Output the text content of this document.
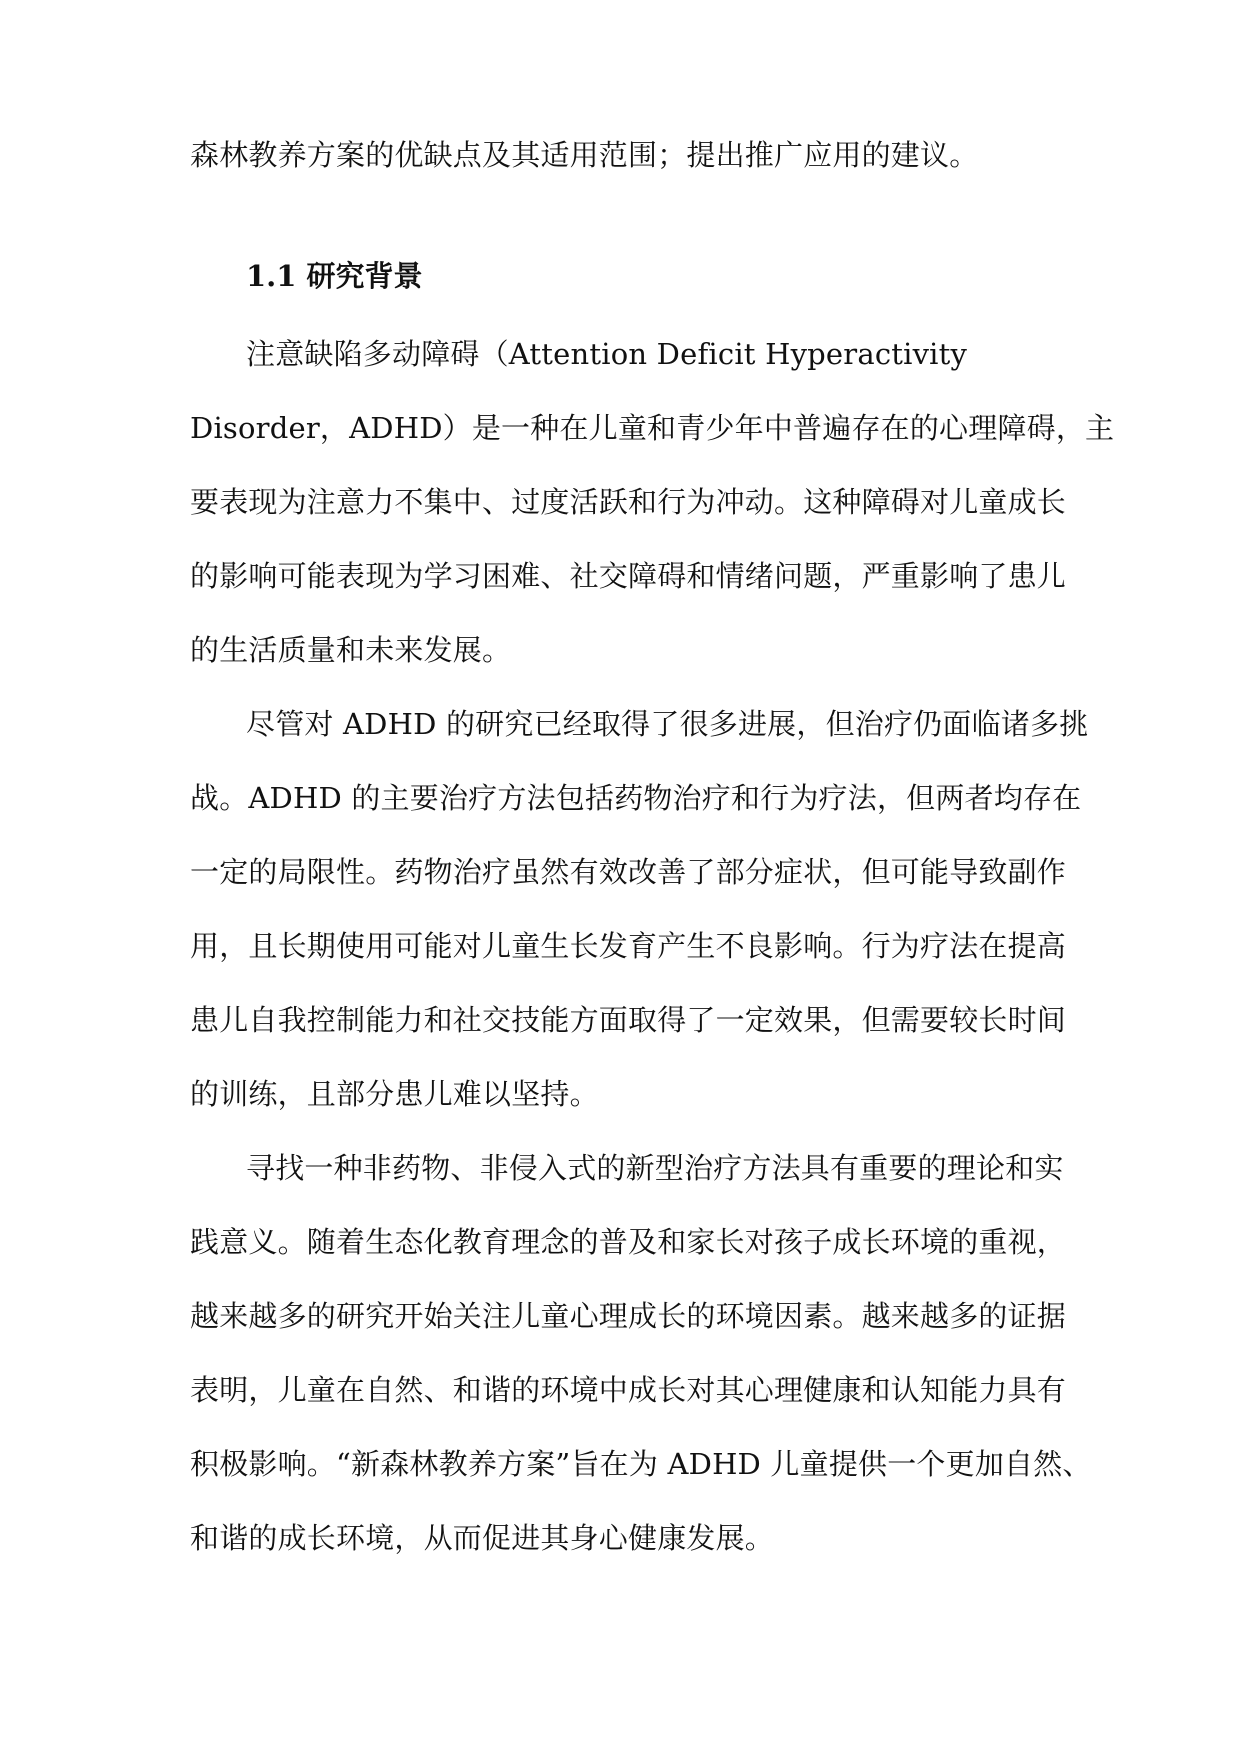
森林教养方案的优缺点及其适用范围；提出推广应用的建议。
1.1 研究背景
注意缺陷多动障碍（Attention Deficit Hyperactivity
Disorder，ADHD）是一种在儿童和青少年中普遍存在的心理障碍，主
要表现为注意力不集中、过度活跃和行为冲动。这种障碍对儿童成长
的影响可能表现为学习困难、社交障碍和情绪问题，严重影响了患儿
的生活质量和未来发展。
尽管对 ADHD 的研究已经取得了很多进展，但治疗仍面临诸多挑
战。ADHD 的主要治疗方法包括药物治疗和行为疗法，但两者均存在
一定的局限性。药物治疗虽然有效改善了部分症状，但可能导致副作
用，且长期使用可能对儿童生长发育产生不良影响。行为疗法在提高
患儿自我控制能力和社交技能方面取得了一定效果，但需要较长时间
的训练，且部分患儿难以坚持。
寻找一种非药物、非侵入式的新型治疗方法具有重要的理论和实
践意义。随着生态化教育理念的普及和家长对孩子成长环境的重视，
越来越多的研究开始关注儿童心理成长的环境因素。越来越多的证据
表明，儿童在自然、和谐的环境中成长对其心理健康和认知能力具有
积极影响。“新森林教养方案”旨在为 ADHD 儿童提供一个更加自然、
和谐的成长环境，从而促进其身心健康发展。
